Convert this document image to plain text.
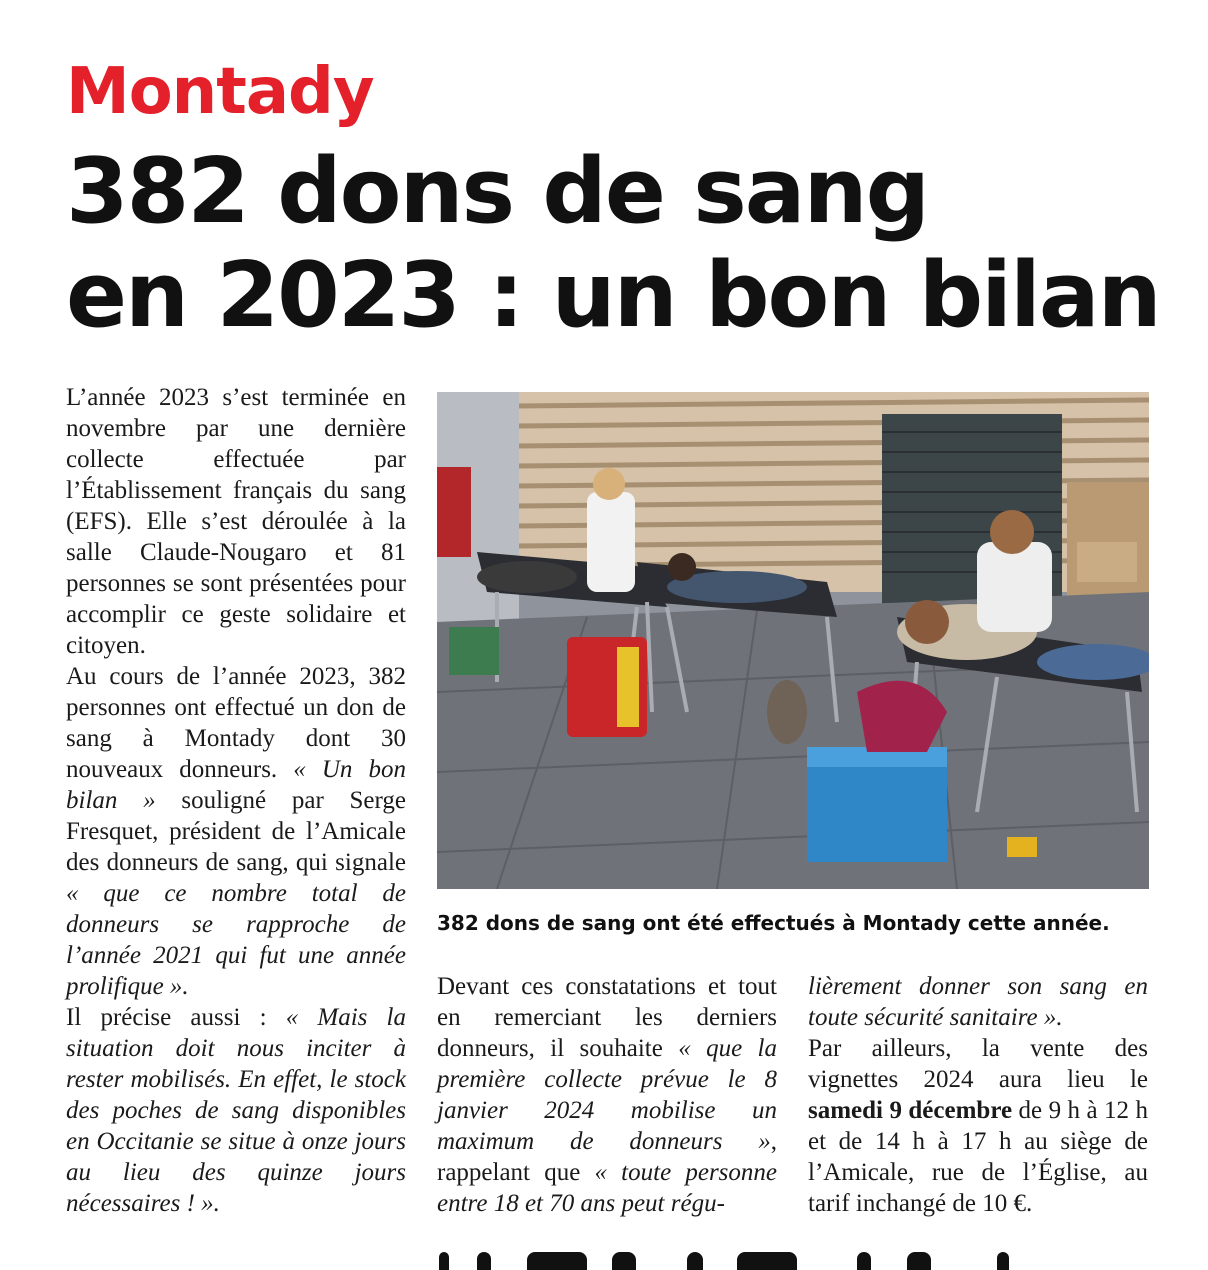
Montady
382 dons de sang
en 2023 : un bon bilan

L’année 2023 s’est terminée en novembre par une dernière collecte effectuée par l’Établissement français du sang (EFS). Elle s’est déroulée à la salle Claude-Nougaro et 81 personnes se sont présentées pour accomplir ce geste solidaire et citoyen.

Au cours de l’année 2023, 382 personnes ont effectué un don de sang à Montady dont 30 nouveaux donneurs. « Un bon bilan » souligné par Serge Fresquet, président de l’Amicale des donneurs de sang, qui signale « que ce nombre total de donneurs se rapproche de l’année 2021 qui fut une année prolifique ».

Il précise aussi : « Mais la situation doit nous inciter à rester mobilisés. En effet, le stock des poches de sang disponibles en Occitanie se situe à onze jours au lieu des quinze jours nécessaires ! ».

382 dons de sang ont été effectués à Montady cette année.

Devant ces constatations et tout en remerciant les derniers donneurs, il souhaite « que la première collecte prévue le 8 janvier 2024 mobilise un maximum de donneurs », rappelant que « toute personne entre 18 et 70 ans peut régu-

lièrement donner son sang en toute sécurité sanitaire ».

Par ailleurs, la vente des vignettes 2024 aura lieu le samedi 9 décembre de 9 h à 12 h et de 14 h à 17 h au siège de l’Amicale, rue de l’Église, au tarif inchangé de 10 €.
